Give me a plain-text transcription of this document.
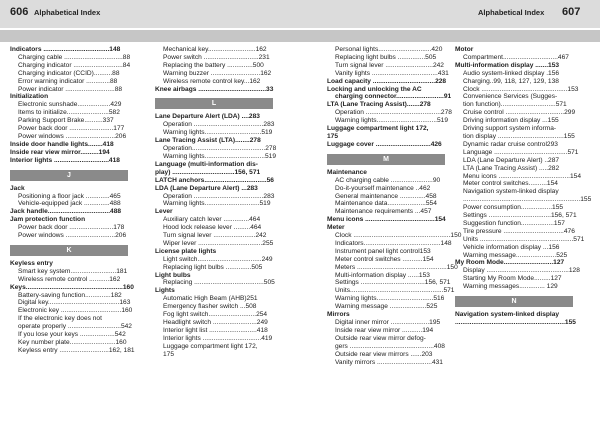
606 Alphabetical Index	Alphabetical Index 607
Indicators ....................................148
Charging cable ................................88
Charging indicator ...........................84
Charging indicator (CCID)..........88
Error warning indicator .............88
Power indicator ...........................88
Initialization
Electronic sunshade..................429
Items to initialize.......................582
Parking Support Brake..........337
Power back door ........................177
Power windows ...........................206
Inside door handle lights........418
Inside rear view mirror..........194
Interior lights ..............................418
J
Jack
Positioning a floor jack .............465
Vehicle-equipped jack ..............488
Jack handle..................................488
Jam protection function
Power back door ........................178
Power windows ...........................206
K
Keyless entry
Smart key system.........................181
Wireless remote control ...........162
Keys.....................................................160
Battery-saving function..............182
Digital key.......................................163
Electronic key .................................160
If the electronic key does not
operate properly .............................542
If you lose your keys ...................542
Key number plate.........................160
Keyless entry ...........................162, 181
Mechanical key..........................162
Power switch ..............................231
Replacing the battery ..............500
Warning buzzer ...........................162
Wireless remote control key...162
Knee airbags .....................................33
L
Lane Departure Alert (LDA) ....283
Operation ......................................283
Warning lights...............................519
Lane Tracing Assist (LTA)........278
Operation........................................278
Warning lights.................................519
Language (multi-information dis-
play) ..................................156, 571
LATCH anchors..................................56
LDA (Lane Departure Alert) ...283
Operation ......................................283
Warning lights..............................519
Lever
Auxiliary catch lever ..............464
Hood lock release lever .........464
Turn signal lever .......................242
Wiper lever ...................................255
License plate lights
Light switch...................................249
Replacing light bulbs ..............505
Light bulbs
Replacing ......................................505
Lights
Automatic High Beam (AHB)251
Emergency flasher switch ...508
Fog light switch..........................254
Headlight switch ........................249
Interior light list ..........................418
Interior lights ................................419
Luggage compartment light 172,
175
Personal lights.............................420
Replacing light bulbs ...............505
Turn signal lever ..........................242
Vanity lights ....................................431
Load capacity ..................................228
Locking and unlocking the AC
charging connector..........................91
LTA (Lane Tracing Assist).......278
Operation .........................................278
Warning lights.................................519
Luggage compartment light 172,
175
Luggage cover ..............................426
M
Maintenance
AC charging cable .......................90
Do-it-yourself maintenance ..462
General maintenance ..............458
Maintenance data.....................554
Maintenance requirements ...457
Menu icons ......................................154
Meter
Clock .....................................................150
Indicators..........................................148
Instrument panel light control153
Meter control switches ...........154
Meters .................................................150
Multi-information display ......153
Settings ...................................156, 571
Units...................................................571
Warning lights...............................516
Warning message ....................525
Mirrors
Digital inner mirror .....................195
Inside rear view mirror ...........194
Outside rear view mirror defog-
gers ..............................................408
Outside rear view mirrors ......203
Vanity mirrors ..............................431
Motor
Compartment..............................467
Multi-information display .......153
Audio system-linked display .156
Charging..99, 118, 127, 129, 138
Clock ...............................................153
Convenience Services (Sugges-
tion function)..............................571
Cruise control ................................299
Driving information display ...155
Driving support system informa-
tion display ....................................155
Dynamic radar cruise control293
Language ........................................571
LDA (Lane Departure Alert) ..287
LTA (Lane Tracing Assist) .....282
Menu icons .......................................154
Meter control switches..........154
Navigation system-linked display
................................................................155
Power consumption.................155
Settings ..................................156, 571
Suggestion function..................157
Tire pressure .................................476
Units ...................................................571
Vehicle information display ...156
Warning message......................525
My Room Mode...........................127
Display .............................................128
Starting My Room Mode.........127
Warning messages.............. 129
N
Navigation system-linked display
............................................................155
